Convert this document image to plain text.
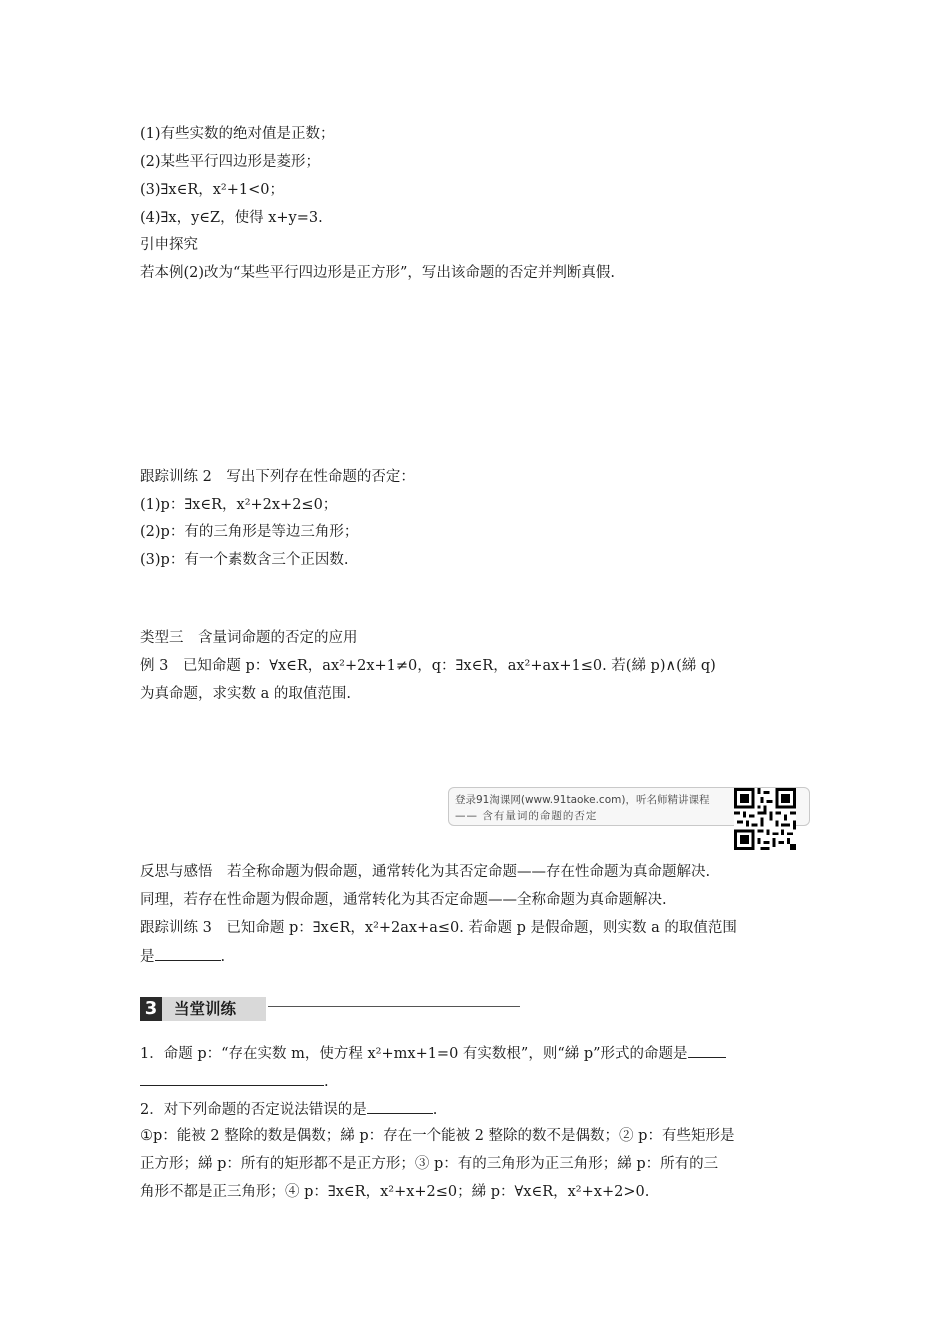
(1)有些实数的绝对值是正数；
(2)某些平行四边形是菱形；
(3)∃x∈R，x²+1<0；
(4)∃x，y∈Z，使得 x+y=3.
引申探究
若本例(2)改为“某些平行四边形是正方形”，写出该命题的否定并判断真假.
跟踪训练 2　写出下列存在性命题的否定：
(1)p：∃x∈R，x²+2x+2≤0；
(2)p：有的三角形是等边三角形；
(3)p：有一个素数含三个正因数.
类型三　含量词命题的否定的应用
例 3　已知命题 p：∀x∈R，ax²+2x+1≠0，q：∃x∈R，ax²+ax+1≤0. 若(綈 p)∧(綈 q)
为真命题，求实数 a 的取值范围.
登录91淘课网(www.91taoke.com)，听名师精讲课程
—— 含有量词的命题的否定
反思与感悟　若全称命题为假命题，通常转化为其否定命题——存在性命题为真命题解决.
同理，若存在性命题为假命题，通常转化为其否定命题——全称命题为真命题解决.
跟踪训练 3　已知命题 p：∃x∈R，x²+2ax+a≤0. 若命题 p 是假命题，则实数 a 的取值范围
是	.
3	当堂训练
1．命题 p：“存在实数 m，使方程 x²+mx+1=0 有实数根”，则“綈 p”形式的命题是
.
2．对下列命题的否定说法错误的是	.
①p：能被 2 整除的数是偶数；綈 p：存在一个能被 2 整除的数不是偶数；② p：有些矩形是
正方形；綈 p：所有的矩形都不是正方形；③ p：有的三角形为正三角形；綈 p：所有的三
角形不都是正三角形；④ p：∃x∈R，x²+x+2≤0；綈 p：∀x∈R，x²+x+2>0.
